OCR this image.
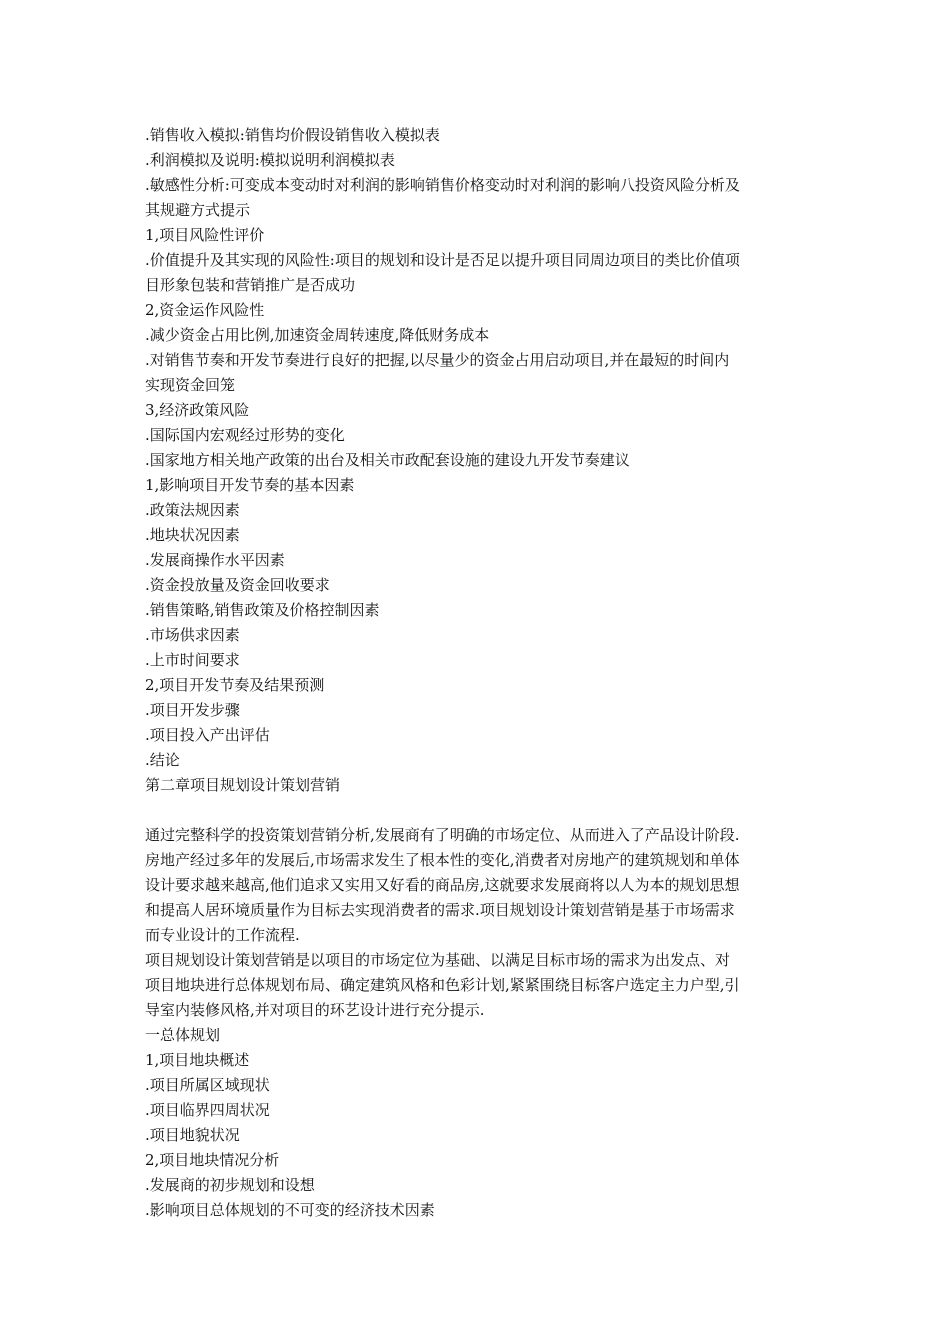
.销售收入模拟:销售均价假设销售收入模拟表
.利润模拟及说明:模拟说明利润模拟表
.敏感性分析:可变成本变动时对利润的影响销售价格变动时对利润的影响八投资风险分析及
其规避方式提示
1,项目风险性评价
.价值提升及其实现的风险性:项目的规划和设计是否足以提升项目同周边项目的类比价值项
目形象包装和营销推广是否成功
2,资金运作风险性
.减少资金占用比例,加速资金周转速度,降低财务成本
.对销售节奏和开发节奏进行良好的把握,以尽量少的资金占用启动项目,并在最短的时间内
实现资金回笼
3,经济政策风险
.国际国内宏观经过形势的变化
.国家地方相关地产政策的出台及相关市政配套设施的建设九开发节奏建议
1,影响项目开发节奏的基本因素
.政策法规因素
.地块状况因素
.发展商操作水平因素
.资金投放量及资金回收要求
.销售策略,销售政策及价格控制因素
.市场供求因素
.上市时间要求
2,项目开发节奏及结果预测
.项目开发步骤
.项目投入产出评估
.结论
第二章项目规划设计策划营销
通过完整科学的投资策划营销分析,发展商有了明确的市场定位、从而进入了产品设计阶段.
房地产经过多年的发展后,市场需求发生了根本性的变化,消费者对房地产的建筑规划和单体
设计要求越来越高,他们追求又实用又好看的商品房,这就要求发展商将以人为本的规划思想
和提高人居环境质量作为目标去实现消费者的需求.项目规划设计策划营销是基于市场需求
而专业设计的工作流程.
项目规划设计策划营销是以项目的市场定位为基础、以满足目标市场的需求为出发点、对
项目地块进行总体规划布局、确定建筑风格和色彩计划,紧紧围绕目标客户选定主力户型,引
导室内装修风格,并对项目的环艺设计进行充分提示.
一总体规划
1,项目地块概述
.项目所属区域现状
.项目临界四周状况
.项目地貌状况
2,项目地块情况分析
.发展商的初步规划和设想
.影响项目总体规划的不可变的经济技术因素
